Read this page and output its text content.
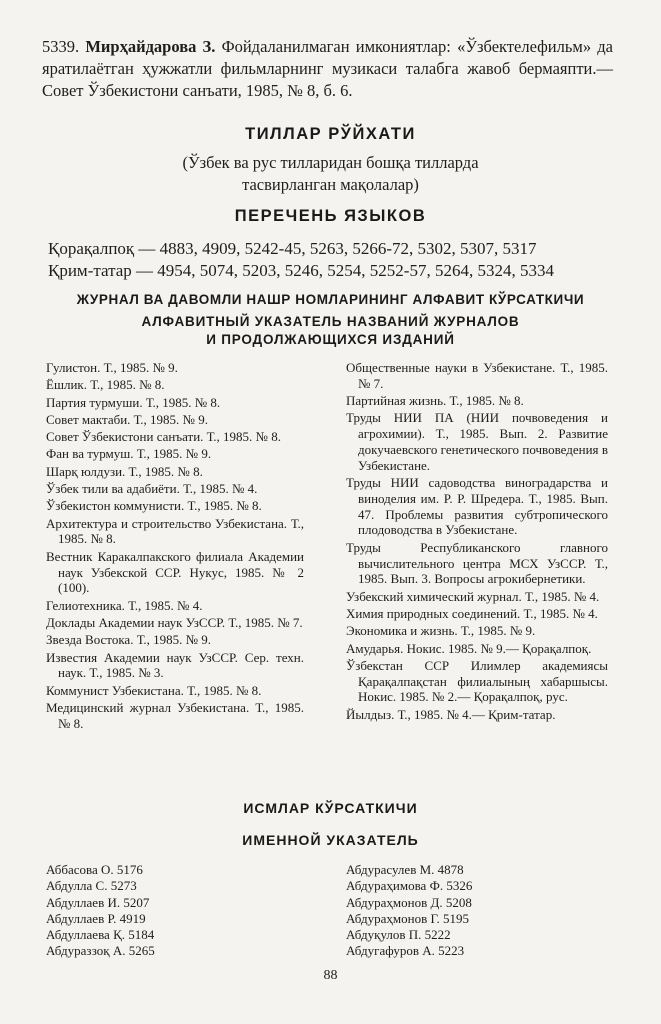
5339. Мирҳайдарова З. Фойдаланилмаган имкониятлар: «Ўзбектелефильм» да яратилаётган ҳужжатли фильмларнинг музикаси талабга жавоб бермаяпти.— Совет Ўзбекистони санъати, 1985, № 8, б. 6.
ТИЛЛАР РЎЙХАТИ
(Ўзбек ва рус тилларидан бошқа тилларда
тасвирланган мақолалар)
ПЕРЕЧЕНЬ ЯЗЫКОВ
Қорақалпоқ — 4883, 4909, 5242-45, 5263, 5266-72, 5302, 5307, 5317
Қрим-татар — 4954, 5074, 5203, 5246, 5254, 5252-57, 5264, 5324, 5334
ЖУРНАЛ ВА ДАВОМЛИ НАШР НОМЛАРИНИНГ АЛФАВИТ КЎРСАТКИЧИ
АЛФАВИТНЫЙ УКАЗАТЕЛЬ НАЗВАНИЙ ЖУРНАЛОВ
И ПРОДОЛЖАЮЩИХСЯ ИЗДАНИЙ
Гулистон. Т., 1985. № 9.
Ёшлик. Т., 1985. № 8.
Партия турмуши. Т., 1985. № 8.
Совет мактаби. Т., 1985. № 9.
Совет Ўзбекистони санъати. Т., 1985. № 8.
Фан ва турмуш. Т., 1985. № 9.
Шарқ юлдузи. Т., 1985. № 8.
Ўзбек тили ва адабиёти. Т., 1985. № 4.
Ўзбекистон коммунисти. Т., 1985. № 8.
Архитектура и строительство Узбекистана. Т., 1985. № 8.
Вестник Каракалпакского филиала Академии наук Узбекской ССР. Нукус, 1985. № 2 (100).
Гелиотехника. Т., 1985. № 4.
Доклады Академии наук УзССР. Т., 1985. № 7.
Звезда Востока. Т., 1985. № 9.
Известия Академии наук УзССР. Сер. техн. наук. Т., 1985. № 3.
Коммунист Узбекистана. Т., 1985. № 8.
Медицинский журнал Узбекистана. Т., 1985. № 8.
Общественные науки в Узбекистане. Т., 1985. № 7.
Партийная жизнь. Т., 1985. № 8.
Труды НИИ ПА (НИИ почвоведения и агрохимии). Т., 1985. Вып. 2. Развитие докучаевского генетического почвоведения в Узбекистане.
Труды НИИ садоводства виноградарства и виноделия им. Р. Р. Шредера. Т., 1985. Вып. 47. Проблемы развития субтропического плодоводства в Узбекистане.
Труды Республиканского главного вычислительного центра МСХ УзССР. Т., 1985. Вып. 3. Вопросы агрокибернетики.
Узбекский химический журнал. Т., 1985. № 4.
Химия природных соединений. Т., 1985. № 4.
Экономика и жизнь. Т., 1985. № 9.
Амударья. Нокис. 1985. № 9.— Қорақалпоқ.
Ўзбекстан ССР Илимлер академиясы Қарақалпақстан филиалының хабаршысы. Нокис. 1985. № 2.— Қорақалпоқ, рус.
Йылдыз. Т., 1985. № 4.— Қрим-татар.
ИСМЛАР КЎРСАТКИЧИ
ИМЕННОЙ УКАЗАТЕЛЬ
Аббасова О. 5176
Абдулла С. 5273
Абдуллаев И. 5207
Абдуллаев Р. 4919
Абдуллаева Қ. 5184
Абдураззоқ А. 5265
Абдурасулев М. 4878
Абдураҳимова Ф. 5326
Абдураҳмонов Д. 5208
Абдураҳмонов Г. 5195
Абдуқулов П. 5222
Абдугафуров А. 5223
88
